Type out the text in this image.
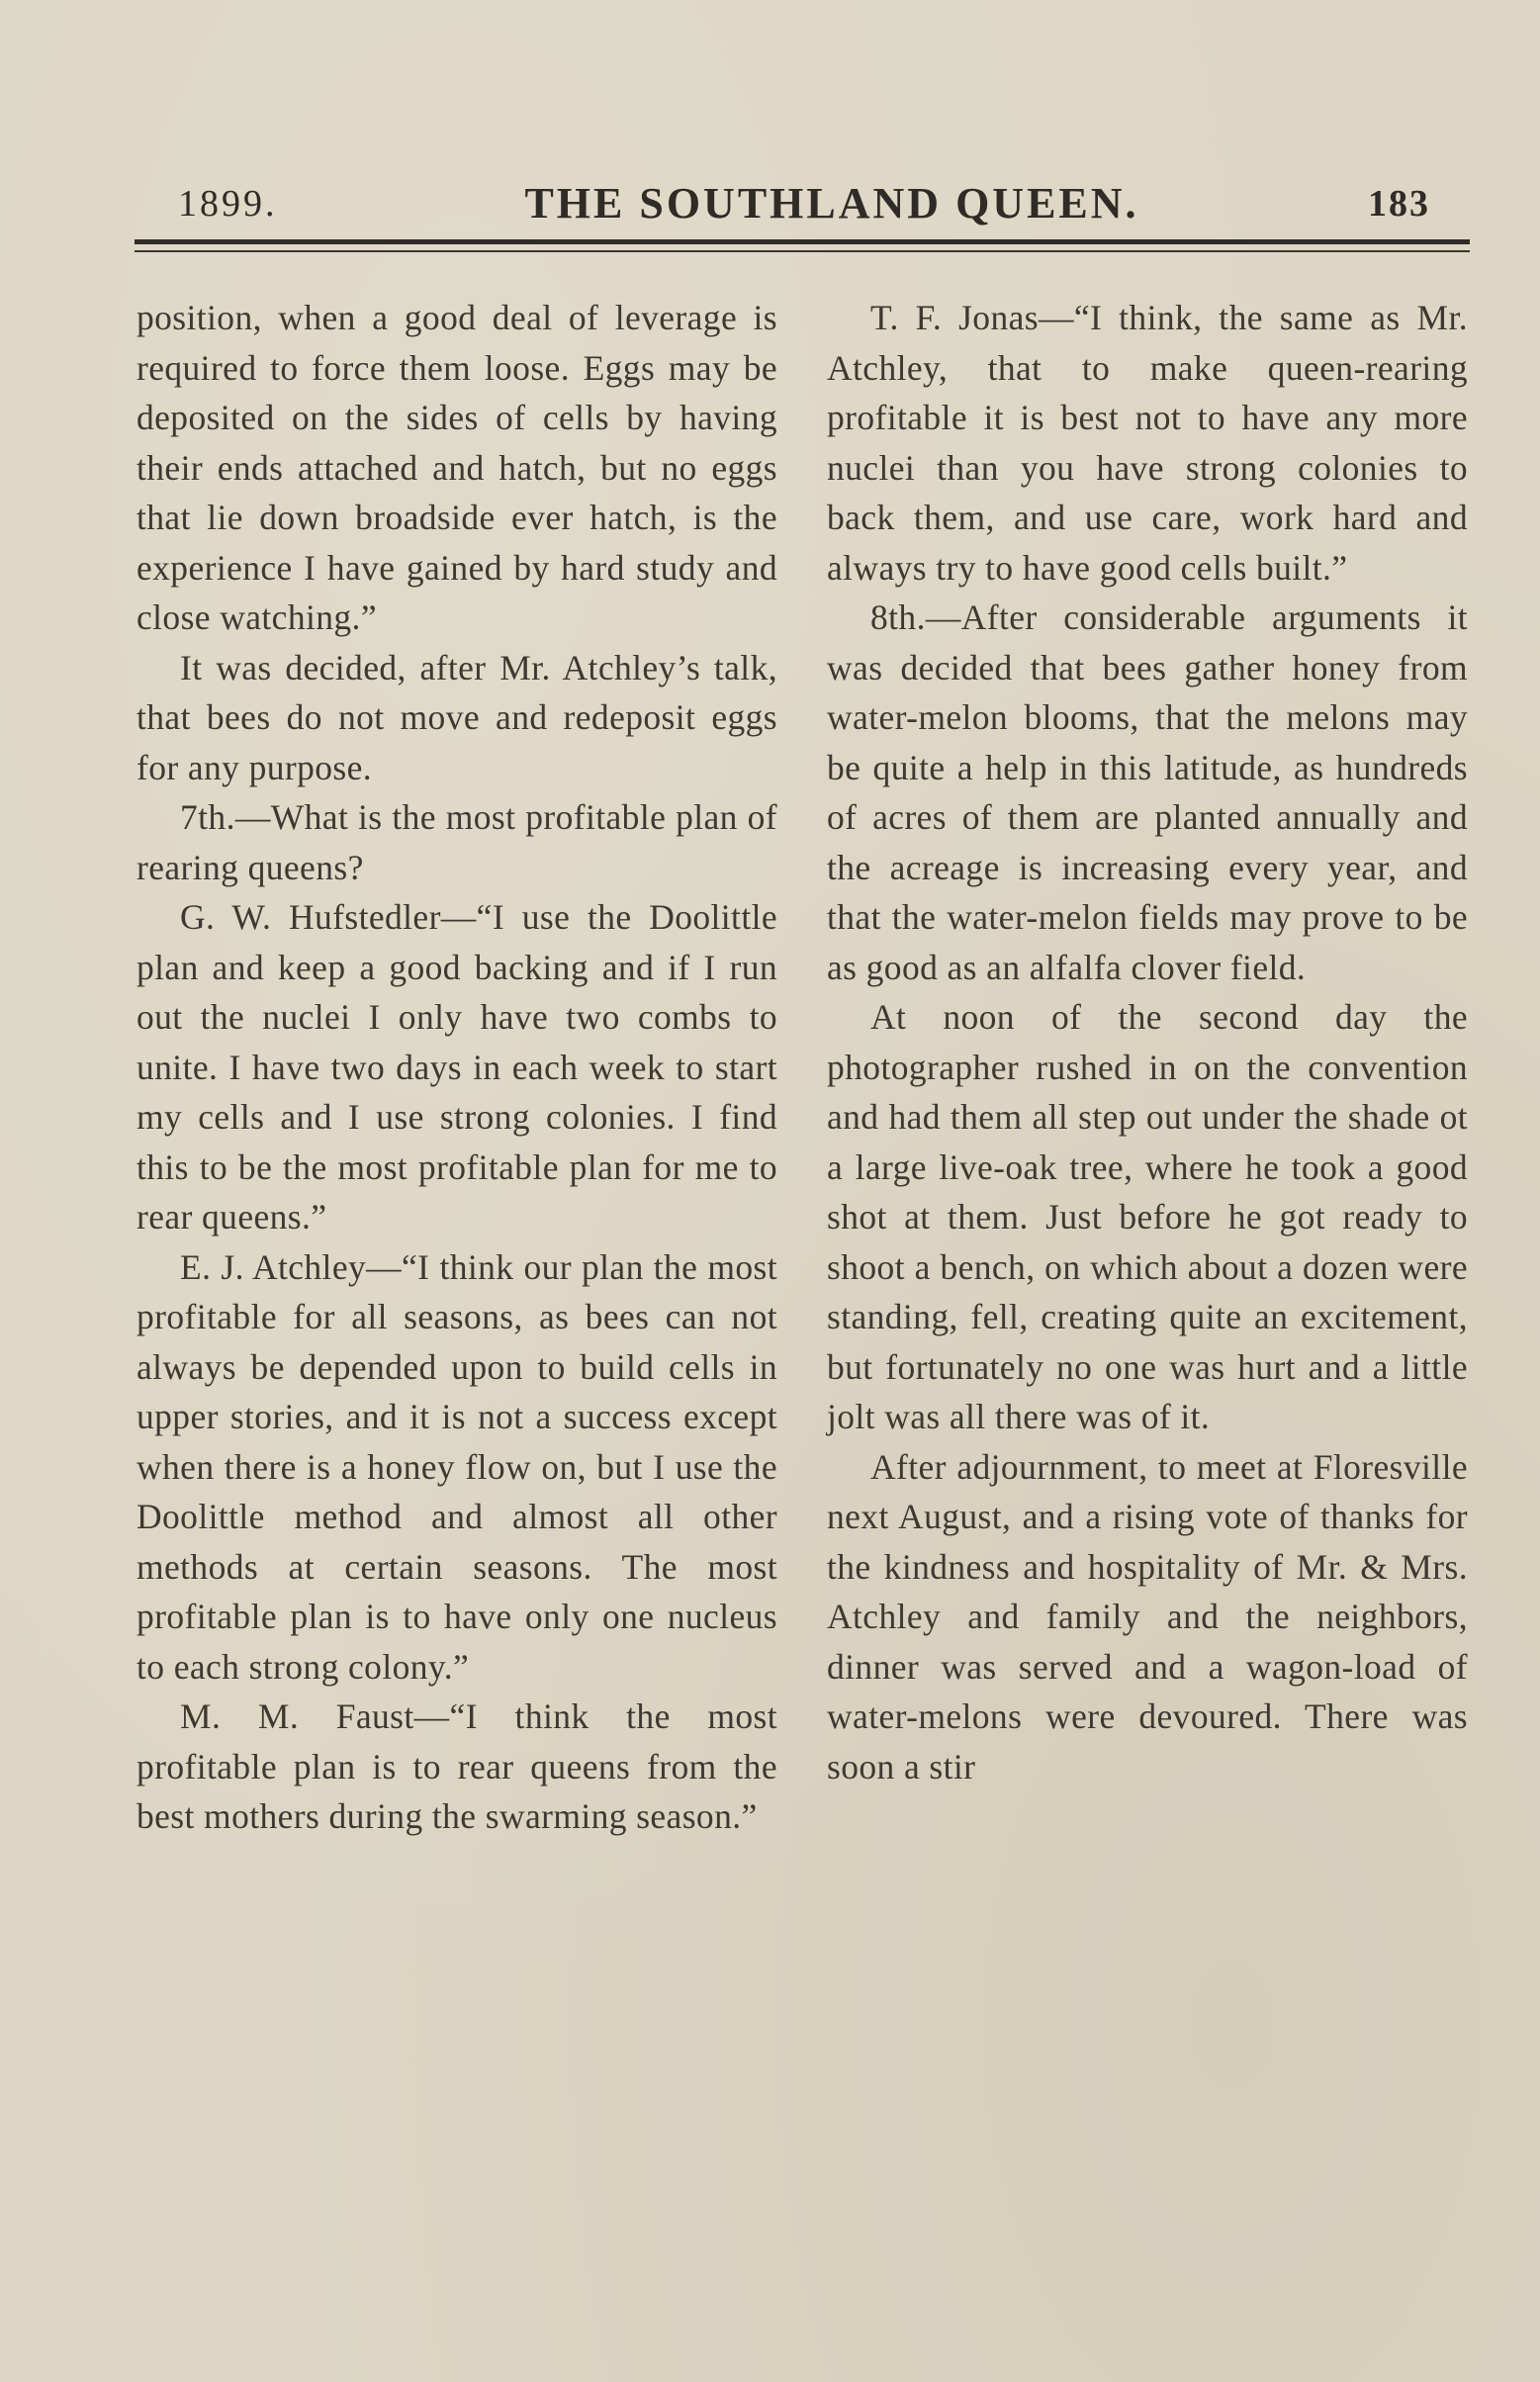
1899.	THE SOUTHLAND QUEEN.	183

position, when a good deal of leverage is required to force them loose. Eggs may be deposited on the sides of cells by having their ends attached and hatch, but no eggs that lie down broadside ever hatch, is the experience I have gained by hard study and close watching.”

It was decided, after Mr. Atchley’s talk, that bees do not move and redeposit eggs for any purpose.

7th.—What is the most profitable plan of rearing queens?

G. W. Hufstedler—“I use the Doolittle plan and keep a good backing and if I run out the nuclei I only have two combs to unite. I have two days in each week to start my cells and I use strong colonies. I find this to be the most profitable plan for me to rear queens.”

E. J. Atchley—“I think our plan the most profitable for all seasons, as bees can not always be depended upon to build cells in upper stories, and it is not a success except when there is a honey flow on, but I use the Doolittle method and almost all other methods at certain seasons. The most profitable plan is to have only one nucleus to each strong colony.”

M. M. Faust—“I think the most profitable plan is to rear queens from the best mothers during the swarming season.”

T. F. Jonas—“I think, the same as Mr. Atchley, that to make queen-rearing profitable it is best not to have any more nuclei than you have strong colonies to back them, and use care, work hard and always try to have good cells built.”

8th.—After considerable arguments it was decided that bees gather honey from water-melon blooms, that the melons may be quite a help in this latitude, as hundreds of acres of them are planted annually and the acreage is increasing every year, and that the water-melon fields may prove to be as good as an alfalfa clover field.

At noon of the second day the photographer rushed in on the convention and had them all step out under the shade ot a large live-oak tree, where he took a good shot at them. Just before he got ready to shoot a bench, on which about a dozen were standing, fell, creating quite an excitement, but fortunately no one was hurt and a little jolt was all there was of it.

After adjournment, to meet at Floresville next August, and a rising vote of thanks for the kindness and hospitality of Mr. & Mrs. Atchley and family and the neighbors, dinner was served and a wagon-load of water-melons were devoured. There was soon a stir
